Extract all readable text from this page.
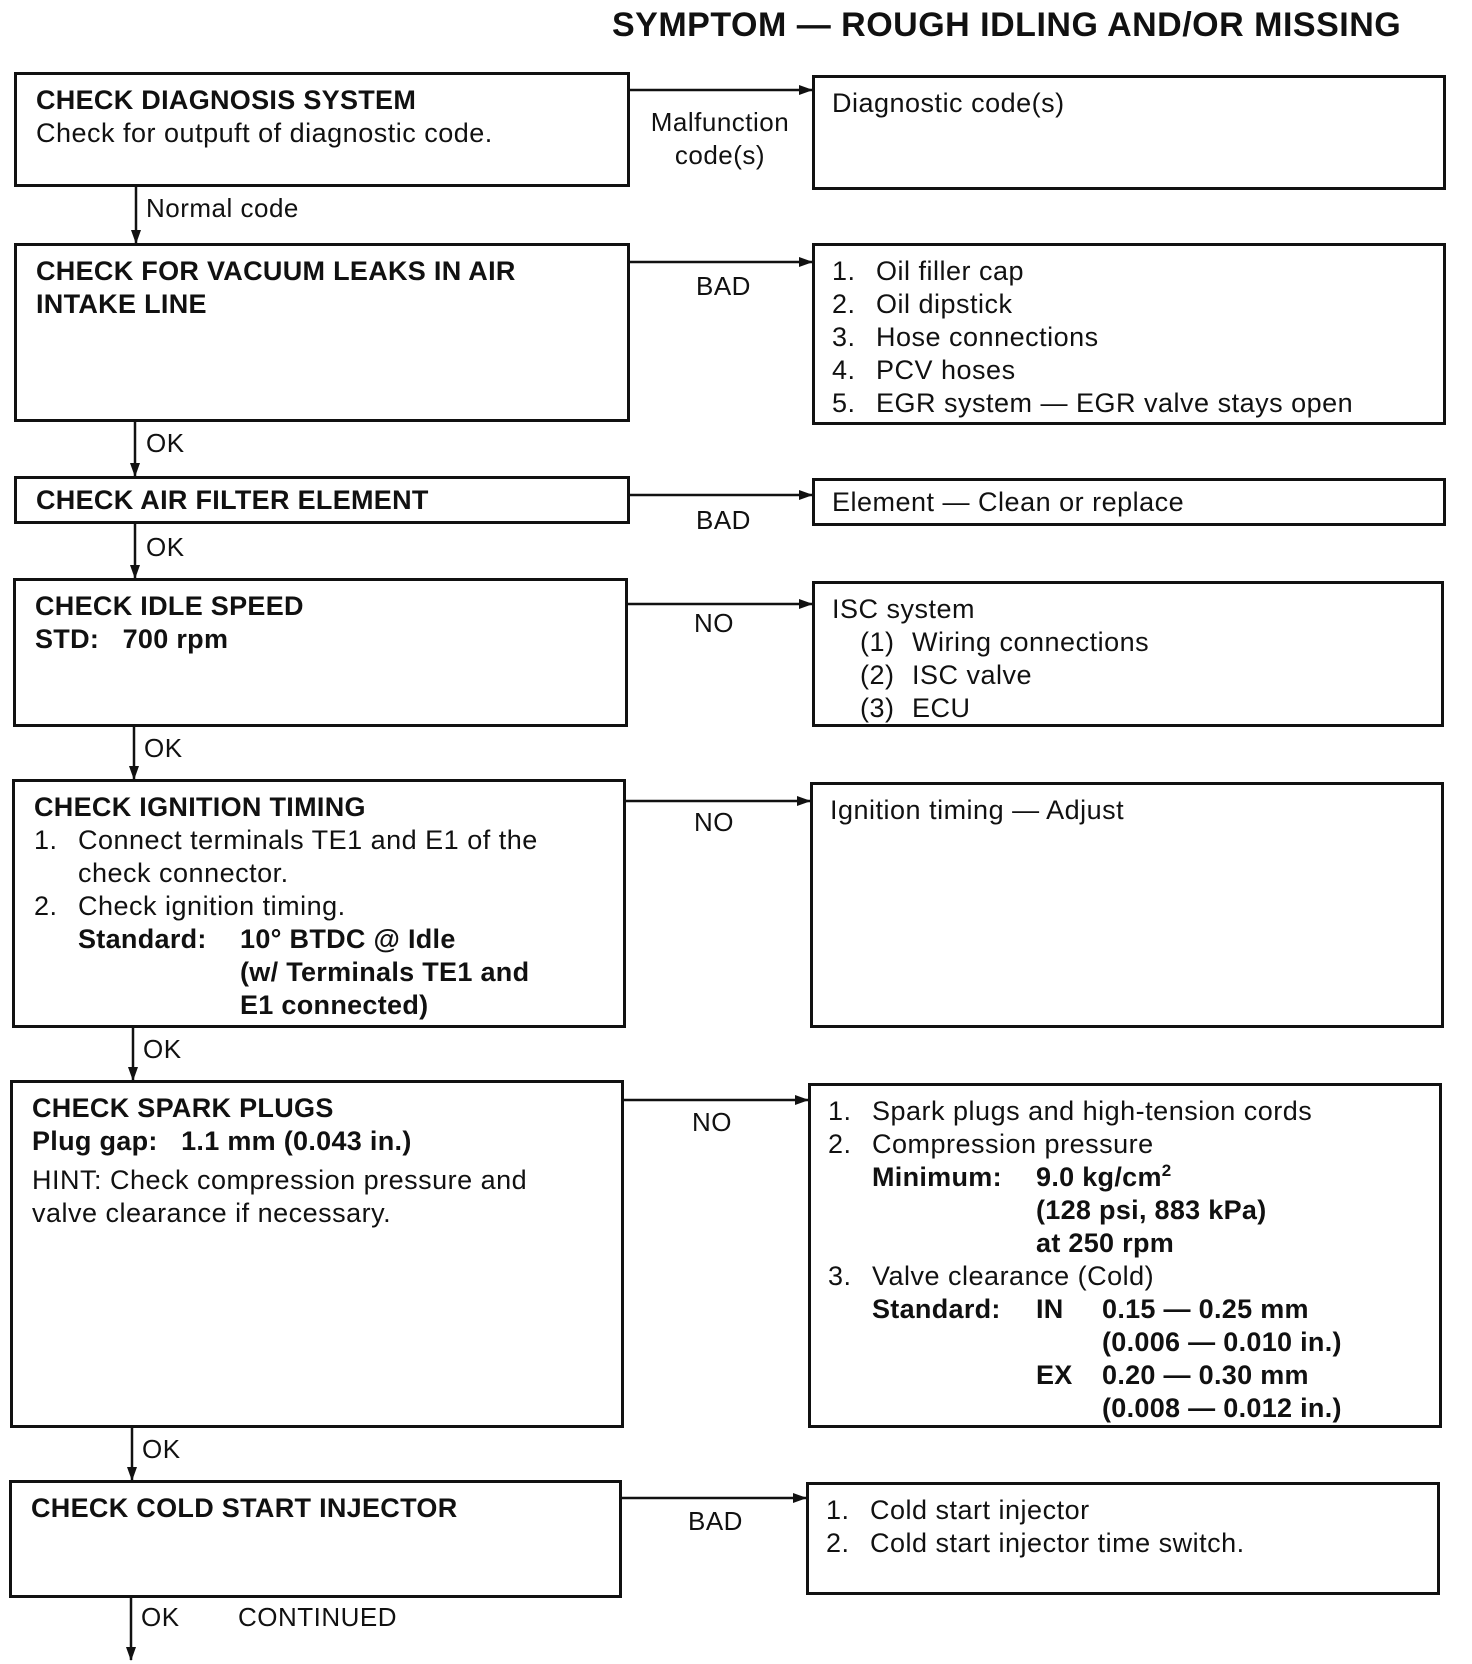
SYMPTOM — ROUGH IDLING AND/OR MISSING
CHECK DIAGNOSIS SYSTEM
Check for outpuft of diagnostic code.	Malfunction
code(s)
Diagnostic code(s)
Normal code
CHECK FOR VACUUM LEAKS IN AIR
INTAKE LINE
BAD	1. Oil filler cap
2. Oil dipstick
3. Hose connections
4. PCV hoses
5. EGR system — EGR valve stays open
OK
CHECK AIR FILTER ELEMENT
BAD
Element — Clean or replace
OK
CHECK IDLE SPEED
STD: 700 rpm
NO	ISC system
(1) Wiring connections
(2) ISC valve
(3) ECU
OK
CHECK IGNITION TIMING
1. Connect terminals TE1 and E1 of the
check connector.
2. Check ignition timing.
Standard:	10° BTDC @ Idle
(w/ Terminals TE1 and
E1 connected)
NO	Ignition timing — Adjust
OK
CHECK SPARK PLUGS
Plug gap: 1.1 mm (0.043 in.)
HINT: Check compression pressure and
valve clearance if necessary.
NO	1. Spark plugs and high-tension cords
2. Compression pressure
Minimum:	9.0 $kg/cm^2$
(128 psi, 883 kPa)
at 250 rpm
3. Valve clearance (Cold)
Standard:	IN	0.15 — 0.25 mm
(0.006 — 0.010 in.)
EX	0.20 — 0.30 mm
(0.008 — 0.012 in.)
OK
CHECK COLD START INJECTOR	BAD	1. Cold start injector
2. Cold start injector time switch.
OK CONTINUED
